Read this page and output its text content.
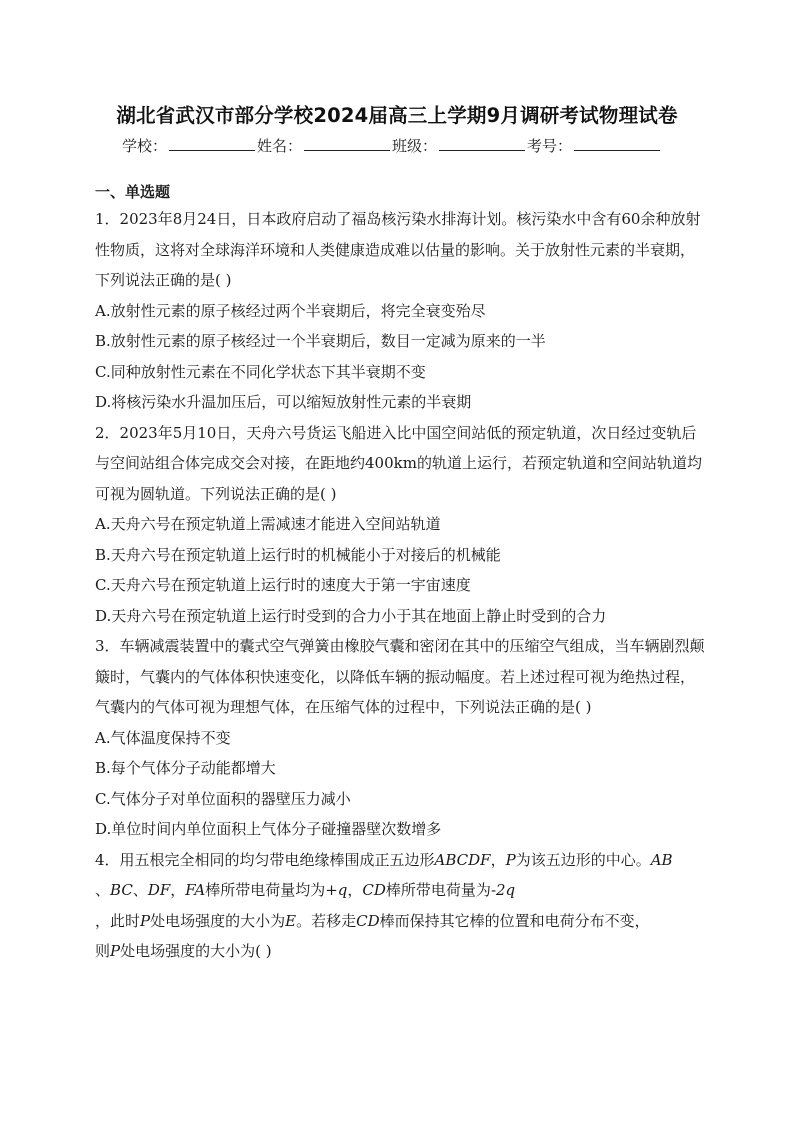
湖北省武汉市部分学校2024届高三上学期9月调研考试物理试卷
学校：	姓名：	班级：	考号：
一、单选题
1．2023年8月24日，日本政府启动了福岛核污染水排海计划。核污染水中含有60余种放射性物质，这将对全球海洋环境和人类健康造成难以估量的影响。关于放射性元素的半衰期，下列说法正确的是( )
A.放射性元素的原子核经过两个半衰期后，将完全衰变殆尽
B.放射性元素的原子核经过一个半衰期后，数目一定减为原来的一半
C.同种放射性元素在不同化学状态下其半衰期不变
D.将核污染水升温加压后，可以缩短放射性元素的半衰期
2．2023年5月10日，天舟六号货运飞船进入比中国空间站低的预定轨道，次日经过变轨后与空间站组合体完成交会对接，在距地约400km的轨道上运行，若预定轨道和空间站轨道均可视为圆轨道。下列说法正确的是( )
A.天舟六号在预定轨道上需减速才能进入空间站轨道
B.天舟六号在预定轨道上运行时的机械能小于对接后的机械能
C.天舟六号在预定轨道上运行时的速度大于第一宇宙速度
D.天舟六号在预定轨道上运行时受到的合力小于其在地面上静止时受到的合力
3．车辆减震装置中的囊式空气弹簧由橡胶气囊和密闭在其中的压缩空气组成，当车辆剧烈颠簸时，气囊内的气体体积快速变化，以降低车辆的振动幅度。若上述过程可视为绝热过程，气囊内的气体可视为理想气体，在压缩气体的过程中，下列说法正确的是( )
A.气体温度保持不变
B.每个气体分子动能都增大
C.气体分子对单位面积的器壁压力减小
D.单位时间内单位面积上气体分子碰撞器壁次数增多
4．用五根完全相同的均匀带电绝缘棒围成正五边形ABCDF，P为该五边形的中心。AB
、BC、DF，FA棒所带电荷量均为+q，CD棒所带电荷量为-2q
，此时P处电场强度的大小为E。若移走CD棒而保持其它棒的位置和电荷分布不变，
则P处电场强度的大小为( )
